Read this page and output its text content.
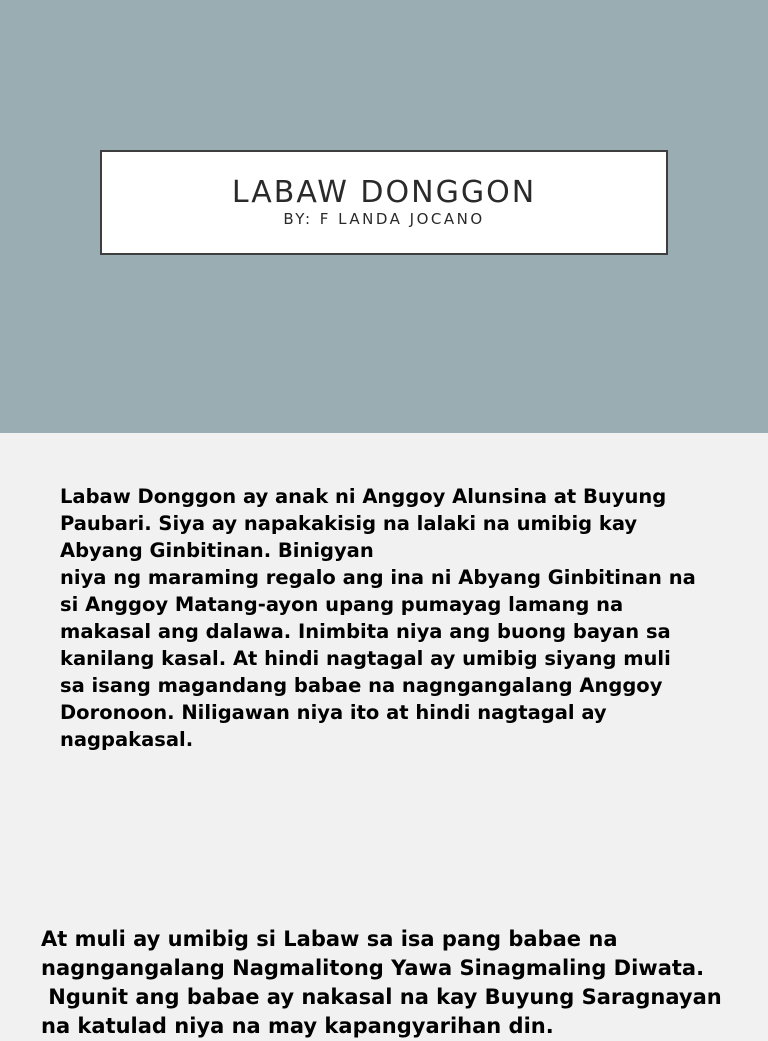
LABAW DONGGON
BY: F LANDA JOCANO
Labaw Donggon ay anak ni Anggoy Alunsina at Buyung
Paubari. Siya ay napakakisig na lalaki na umibig kay
Abyang Ginbitinan. Binigyan
niya ng maraming regalo ang ina ni Abyang Ginbitinan na
si Anggoy Matang-ayon upang pumayag lamang na
makasal ang dalawa. Inimbita niya ang buong bayan sa
kanilang kasal. At hindi nagtagal ay umibig siyang muli
sa isang magandang babae na nagngangalang Anggoy
Doronoon. Niligawan niya ito at hindi nagtagal ay
nagpakasal.
At muli ay umibig si Labaw sa isa pang babae na
nagngangalang Nagmalitong Yawa Sinagmaling Diwata.
Ngunit ang babae ay nakasal na kay Buyung Saragnayan
na katulad niya na may kapangyarihan din.
